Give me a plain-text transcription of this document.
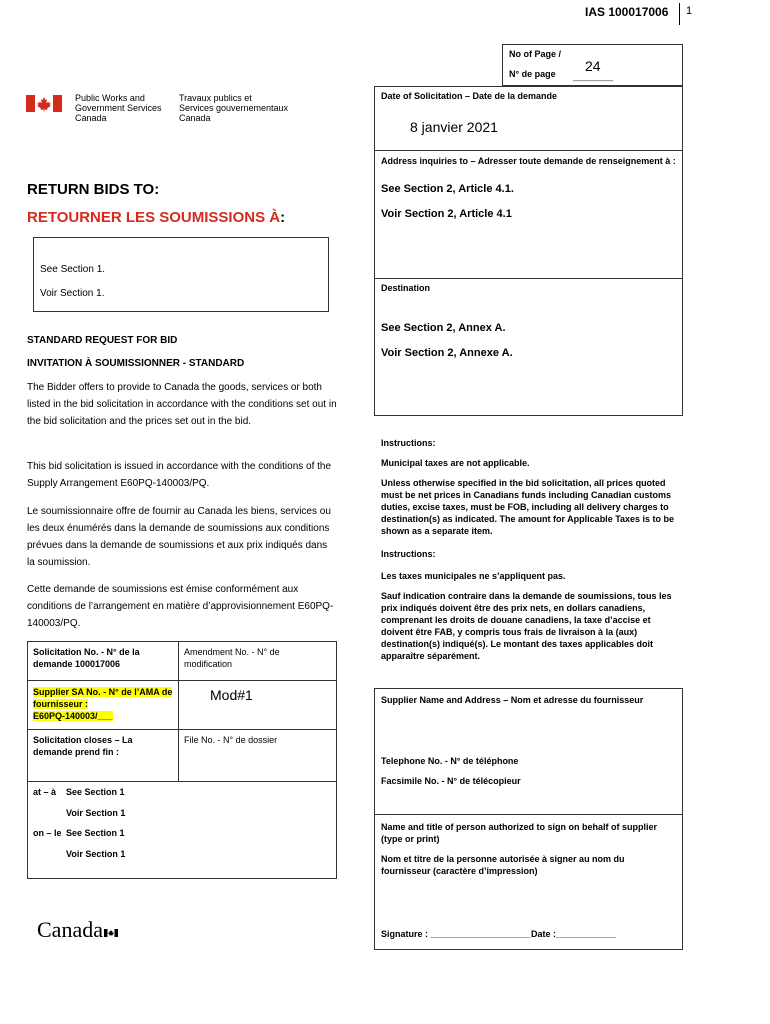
IAS 100017006 1
Public Works and
Government Services
Canada
Travaux publics et
Services gouvernementaux
Canada
No of Page /
N° de page 24
________
Date of Solicitation – Date de la demande
8 janvier 2021
Address inquiries to – Adresser toute demande de renseignement à :
See Section 2, Article 4.1.
Voir Section 2, Article 4.1
Destination
See Section 2, Annex A.
Voir Section 2, Annexe A.
RETURN BIDS TO:
RETOURNER LES SOUMISSIONS À:
See Section 1.
Voir Section 1.
STANDARD REQUEST FOR BID
INVITATION À SOUMISSIONNER - STANDARD
The Bidder offers to provide to Canada the goods, services or both listed in the bid solicitation in accordance with the conditions set out in the bid solicitation and the prices set out in the bid.
This bid solicitation is issued in accordance with the conditions of the Supply Arrangement E60PQ-140003/PQ.
Le soumissionnaire offre de fournir au Canada les biens, services ou les deux énumérés dans la demande de soumissions aux conditions prévues dans la demande de soumissions et aux prix indiqués dans la soumission.
Cette demande de soumissions est émise conformément aux conditions de l’arrangement en matière d’approvisionnement E60PQ-140003/PQ.
Instructions:
Municipal taxes are not applicable.
Unless otherwise specified in the bid solicitation, all prices quoted must be net prices in Canadians funds including Canadian customs duties, excise taxes, must be FOB, including all delivery charges to destination(s) as indicated. The amount for Applicable Taxes is to be shown as a separate item.
Instructions:
Les taxes municipales ne s’appliquent pas.
Sauf indication contraire dans la demande de soumissions, tous les prix indiqués doivent être des prix nets, en dollars canadiens, comprenant les droits de douane canadiens, la taxe d’accise et doivent être FAB, y compris tous frais de livraison à la (aux) destination(s) indiqué(s). Le montant des taxes applicables doit apparaître séparément.
Solicitation No. - N° de la demande 100017006
Amendment No. - N° de modification
Supplier SA No. - N° de l’AMA de
fournisseur :
E60PQ-140003/___
Mod#1
Solicitation closes – La demande prend fin :
File No. - N° de dossier
at – à See Section 1
Voir Section 1
on – le See Section 1
Voir Section 1
Supplier Name and Address – Nom et adresse du fournisseur
Telephone No. - N° de téléphone
Facsimile No. - N° de télécopieur
Name and title of person authorized to sign on behalf of supplier (type or print)
Nom et titre de la personne autorisée à signer au nom du fournisseur (caractère d’impression)
Signature : ____________________ Date :____________
Canada
